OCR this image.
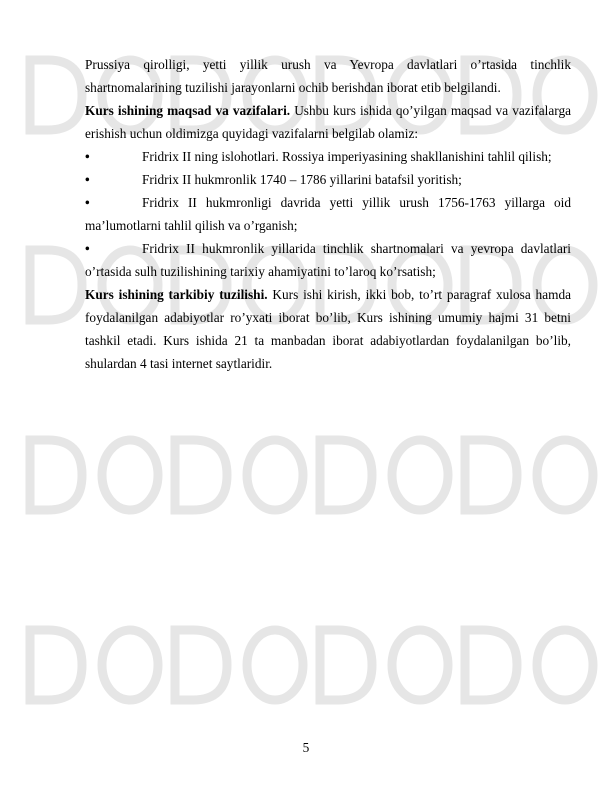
Prussiya qirolligi, yetti yillik urush va Yevropa davlatlari o’rtasida tinchlik shartnomalarining tuzilishi jarayonlarni ochib berishdan iborat etib belgilandi.

Kurs ishining maqsad va vazifalari. Ushbu kurs ishida qo’yilgan maqsad va vazifalarga erishish uchun oldimizga quyidagi vazifalarni belgilab olamiz:

•	Fridrix II ning islohotlari. Rossiya imperiyasining shakllanishini tahlil qilish;

•	Fridrix II hukmronlik 1740 – 1786 yillarini batafsil yoritish;

•	Fridrix II hukmronligi davrida yetti yillik urush 1756-1763 yillarga oid ma’lumotlarni tahlil qilish va o’rganish;

•	Fridrix II hukmronlik yillarida tinchlik shartnomalari va yevropa davlatlari o’rtasida sulh tuzilishining tarixiy ahamiyatini to’laroq ko’rsatish;

Kurs ishining tarkibiy tuzilishi. Kurs ishi kirish, ikki bob, to’rt paragraf xulosa hamda foydalanilgan adabiyotlar ro’yxati iborat bo’lib, Kurs ishining umumiy hajmi 31 betni tashkil etadi. Kurs ishida 21 ta manbadan iborat adabiyotlardan foydalanilgan bo’lib, shulardan 4 tasi internet saytlaridir.

5
